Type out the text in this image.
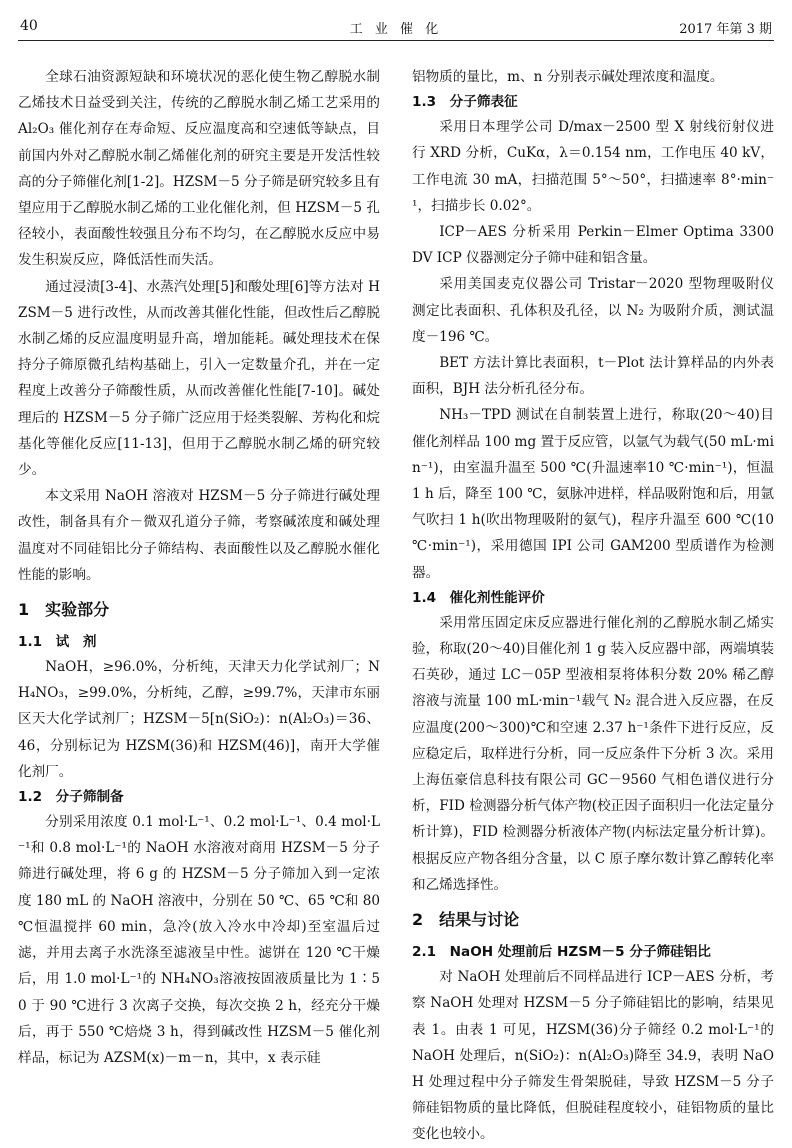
40	工 业 催 化	2017 年第 3 期

全球石油资源短缺和环境状况的恶化使生物乙醇脱水制乙烯技术日益受到关注，传统的乙醇脱水制乙烯工艺采用的 Al₂O₃ 催化剂存在寿命短、反应温度高和空速低等缺点，目前国内外对乙醇脱水制乙烯催化剂的研究主要是开发活性较高的分子筛催化剂[1-2]。HZSM－5 分子筛是研究较多且有望应用于乙醇脱水制乙烯的工业化催化剂，但 HZSM－5 孔径较小，表面酸性较强且分布不均匀，在乙醇脱水反应中易发生积炭反应，降低活性而失活。

通过浸渍[3-4]、水蒸汽处理[5]和酸处理[6]等方法对 HZSM－5 进行改性，从而改善其催化性能，但改性后乙醇脱水制乙烯的反应温度明显升高，增加能耗。碱处理技术在保持分子筛原微孔结构基础上，引入一定数量介孔，并在一定程度上改善分子筛酸性质，从而改善催化性能[7-10]。碱处理后的 HZSM－5 分子筛广泛应用于烃类裂解、芳构化和烷基化等催化反应[11-13]，但用于乙醇脱水制乙烯的研究较少。

本文采用 NaOH 溶液对 HZSM－5 分子筛进行碱处理改性，制备具有介－微双孔道分子筛，考察碱浓度和碱处理温度对不同硅铝比分子筛结构、表面酸性以及乙醇脱水催化性能的影响。

1　实验部分
1.1　试　剂

NaOH，≥96.0%，分析纯，天津天力化学试剂厂；NH₄NO₃，≥99.0%，分析纯，乙醇，≥99.7%，天津市东丽区天大化学试剂厂；HZSM－5[n(SiO₂)：n(Al₂O₃)＝36、46，分别标记为 HZSM(36)和 HZSM(46)]，南开大学催化剂厂。

1.2　分子筛制备

分别采用浓度 0.1 mol·L⁻¹、0.2 mol·L⁻¹、0.4 mol·L⁻¹和 0.8 mol·L⁻¹的 NaOH 水溶液对商用 HZSM－5 分子筛进行碱处理，将 6 g 的 HZSM－5 分子筛加入到一定浓度 180 mL 的 NaOH 溶液中，分别在 50 ℃、65 ℃和 80 ℃恒温搅拌 60 min，急冷(放入冷水中冷却)至室温后过滤，并用去离子水洗涤至滤液呈中性。滤饼在 120 ℃干燥后，用 1.0 mol·L⁻¹的 NH₄NO₃溶液按固液质量比为 1∶50 于 90 ℃进行 3 次离子交换，每次交换 2 h，经充分干燥后，再于 550 ℃焙烧 3 h，得到碱改性 HZSM－5 催化剂样品，标记为 AZSM(x)－m－n，其中，x 表示硅

铝物质的量比，m、n 分别表示碱处理浓度和温度。

1.3　分子筛表征

采用日本理学公司 D/max－2500 型 X 射线衍射仪进行 XRD 分析，CuKα，λ＝0.154 nm，工作电压 40 kV，工作电流 30 mA，扫描范围 5°～50°，扫描速率 8°·min⁻¹，扫描步长 0.02°。

ICP－AES 分析采用 Perkin－Elmer Optima 3300DV ICP 仪器测定分子筛中硅和铝含量。

采用美国麦克仪器公司 Tristar－2020 型物理吸附仪测定比表面积、孔体积及孔径，以 N₂ 为吸附介质，测试温度－196 ℃。

BET 方法计算比表面积，t－Plot 法计算样品的内外表面积，BJH 法分析孔径分布。

NH₃－TPD 测试在自制装置上进行，称取(20～40)目催化剂样品 100 mg 置于反应管，以氩气为载气(50 mL·min⁻¹)，由室温升温至 500 ℃(升温速率10 ℃·min⁻¹)，恒温 1 h 后，降至 100 ℃，氨脉冲进样，样品吸附饱和后，用氩气吹扫 1 h(吹出物理吸附的氨气)，程序升温至 600 ℃(10 ℃·min⁻¹)，采用德国 IPI 公司 GAM200 型质谱作为检测器。

1.4　催化剂性能评价

采用常压固定床反应器进行催化剂的乙醇脱水制乙烯实验，称取(20～40)目催化剂 1 g 装入反应器中部，两端填装石英砂，通过 LC－05P 型液相泵将体积分数 20% 稀乙醇溶液与流量 100 mL·min⁻¹载气 N₂ 混合进入反应器，在反应温度(200～300)℃和空速 2.37 h⁻¹条件下进行反应，反应稳定后，取样进行分析，同一反应条件下分析 3 次。采用上海伍豪信息科技有限公司 GC－9560 气相色谱仪进行分析，FID 检测器分析气体产物(校正因子面积归一化法定量分析计算)，FID 检测器分析液体产物(内标法定量分析计算)。根据反应产物各组分含量，以 C 原子摩尔数计算乙醇转化率和乙烯选择性。

2　结果与讨论
2.1　NaOH 处理前后 HZSM－5 分子筛硅铝比

对 NaOH 处理前后不同样品进行 ICP－AES 分析，考察 NaOH 处理对 HZSM－5 分子筛硅铝比的影响，结果见表 1。由表 1 可见，HZSM(36)分子筛经 0.2 mol·L⁻¹的 NaOH 处理后，n(SiO₂)：n(Al₂O₃)降至 34.9，表明 NaOH 处理过程中分子筛发生骨架脱硅，导致 HZSM－5 分子筛硅铝物质的量比降低，但脱硅程度较小，硅铝物质的量比变化也较小。
